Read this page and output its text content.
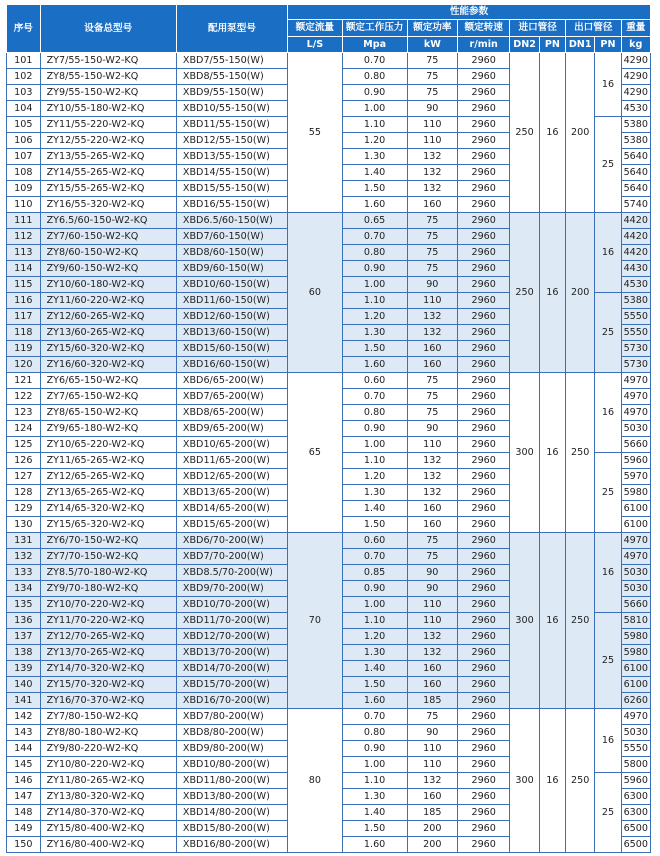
序号	设备总型号	配用泵型号	性能参数								
			额定流量	额定工作压力	额定功率	额定转速	进口管径		出口管径		重量
			L/S	Mpa	kW	r/min	DN2	PN	DN1	PN	kg
101	ZY7/55-150-W2-KQ	XBD7/55-150(W)	55	0.70	75	2960	250	16	200	16	4290
102	ZY8/55-150-W2-KQ	XBD8/55-150(W)		0.80	75	2960					4290
103	ZY9/55-150-W2-KQ	XBD9/55-150(W)		0.90	75	2960					4290
104	ZY10/55-180-W2-KQ	XBD10/55-150(W)		1.00	90	2960					4530
105	ZY11/55-220-W2-KQ	XBD11/55-150(W)		1.10	110	2960				25	5380
106	ZY12/55-220-W2-KQ	XBD12/55-150(W)		1.20	110	2960					5380
107	ZY13/55-265-W2-KQ	XBD13/55-150(W)		1.30	132	2960					5640
108	ZY14/55-265-W2-KQ	XBD14/55-150(W)		1.40	132	2960					5640
109	ZY15/55-265-W2-KQ	XBD15/55-150(W)		1.50	132	2960					5640
110	ZY16/55-320-W2-KQ	XBD16/55-150(W)		1.60	160	2960					5740
111	ZY6.5/60-150-W2-KQ	XBD6.5/60-150(W)	60	0.65	75	2960	250	16	200	16	4420
112	ZY7/60-150-W2-KQ	XBD7/60-150(W)		0.70	75	2960					4420
113	ZY8/60-150-W2-KQ	XBD8/60-150(W)		0.80	75	2960					4420
114	ZY9/60-150-W2-KQ	XBD9/60-150(W)		0.90	75	2960					4430
115	ZY10/60-180-W2-KQ	XBD10/60-150(W)		1.00	90	2960					4530
116	ZY11/60-220-W2-KQ	XBD11/60-150(W)		1.10	110	2960				25	5380
117	ZY12/60-265-W2-KQ	XBD12/60-150(W)		1.20	132	2960					5550
118	ZY13/60-265-W2-KQ	XBD13/60-150(W)		1.30	132	2960					5550
119	ZY15/60-320-W2-KQ	XBD15/60-150(W)		1.50	160	2960					5730
120	ZY16/60-320-W2-KQ	XBD16/60-150(W)		1.60	160	2960					5730
121	ZY6/65-150-W2-KQ	XBD6/65-200(W)	65	0.60	75	2960	300	16	250	16	4970
122	ZY7/65-150-W2-KQ	XBD7/65-200(W)		0.70	75	2960					4970
123	ZY8/65-150-W2-KQ	XBD8/65-200(W)		0.80	75	2960					4970
124	ZY9/65-180-W2-KQ	XBD9/65-200(W)		0.90	90	2960					5030
125	ZY10/65-220-W2-KQ	XBD10/65-200(W)		1.00	110	2960					5660
126	ZY11/65-265-W2-KQ	XBD11/65-200(W)		1.10	132	2960				25	5960
127	ZY12/65-265-W2-KQ	XBD12/65-200(W)		1.20	132	2960					5970
128	ZY13/65-265-W2-KQ	XBD13/65-200(W)		1.30	132	2960					5980
129	ZY14/65-320-W2-KQ	XBD14/65-200(W)		1.40	160	2960					6100
130	ZY15/65-320-W2-KQ	XBD15/65-200(W)		1.50	160	2960					6100
131	ZY6/70-150-W2-KQ	XBD6/70-200(W)	70	0.60	75	2960	300	16	250	16	4970
132	ZY7/70-150-W2-KQ	XBD7/70-200(W)		0.70	75	2960					4970
133	ZY8.5/70-180-W2-KQ	XBD8.5/70-200(W)		0.85	90	2960					5030
134	ZY9/70-180-W2-KQ	XBD9/70-200(W)		0.90	90	2960					5030
135	ZY10/70-220-W2-KQ	XBD10/70-200(W)		1.00	110	2960					5660
136	ZY11/70-220-W2-KQ	XBD11/70-200(W)		1.10	110	2960				25	5810
137	ZY12/70-265-W2-KQ	XBD12/70-200(W)		1.20	132	2960					5980
138	ZY13/70-265-W2-KQ	XBD13/70-200(W)		1.30	132	2960					5980
139	ZY14/70-320-W2-KQ	XBD14/70-200(W)		1.40	160	2960					6100
140	ZY15/70-320-W2-KQ	XBD15/70-200(W)		1.50	160	2960					6100
141	ZY16/70-370-W2-KQ	XBD16/70-200(W)		1.60	185	2960					6260
142	ZY7/80-150-W2-KQ	XBD7/80-200(W)	80	0.70	75	2960	300	16	250	16	4970
143	ZY8/80-180-W2-KQ	XBD8/80-200(W)		0.80	90	2960					5030
144	ZY9/80-220-W2-KQ	XBD9/80-200(W)		0.90	110	2960					5550
145	ZY10/80-220-W2-KQ	XBD10/80-200(W)		1.00	110	2960					5800
146	ZY11/80-265-W2-KQ	XBD11/80-200(W)		1.10	132	2960				25	5960
147	ZY13/80-320-W2-KQ	XBD13/80-200(W)		1.30	160	2960					6300
148	ZY14/80-370-W2-KQ	XBD14/80-200(W)		1.40	185	2960					6300
149	ZY15/80-400-W2-KQ	XBD15/80-200(W)		1.50	200	2960					6500
150	ZY16/80-400-W2-KQ	XBD16/80-200(W)		1.60	200	2960					6500
